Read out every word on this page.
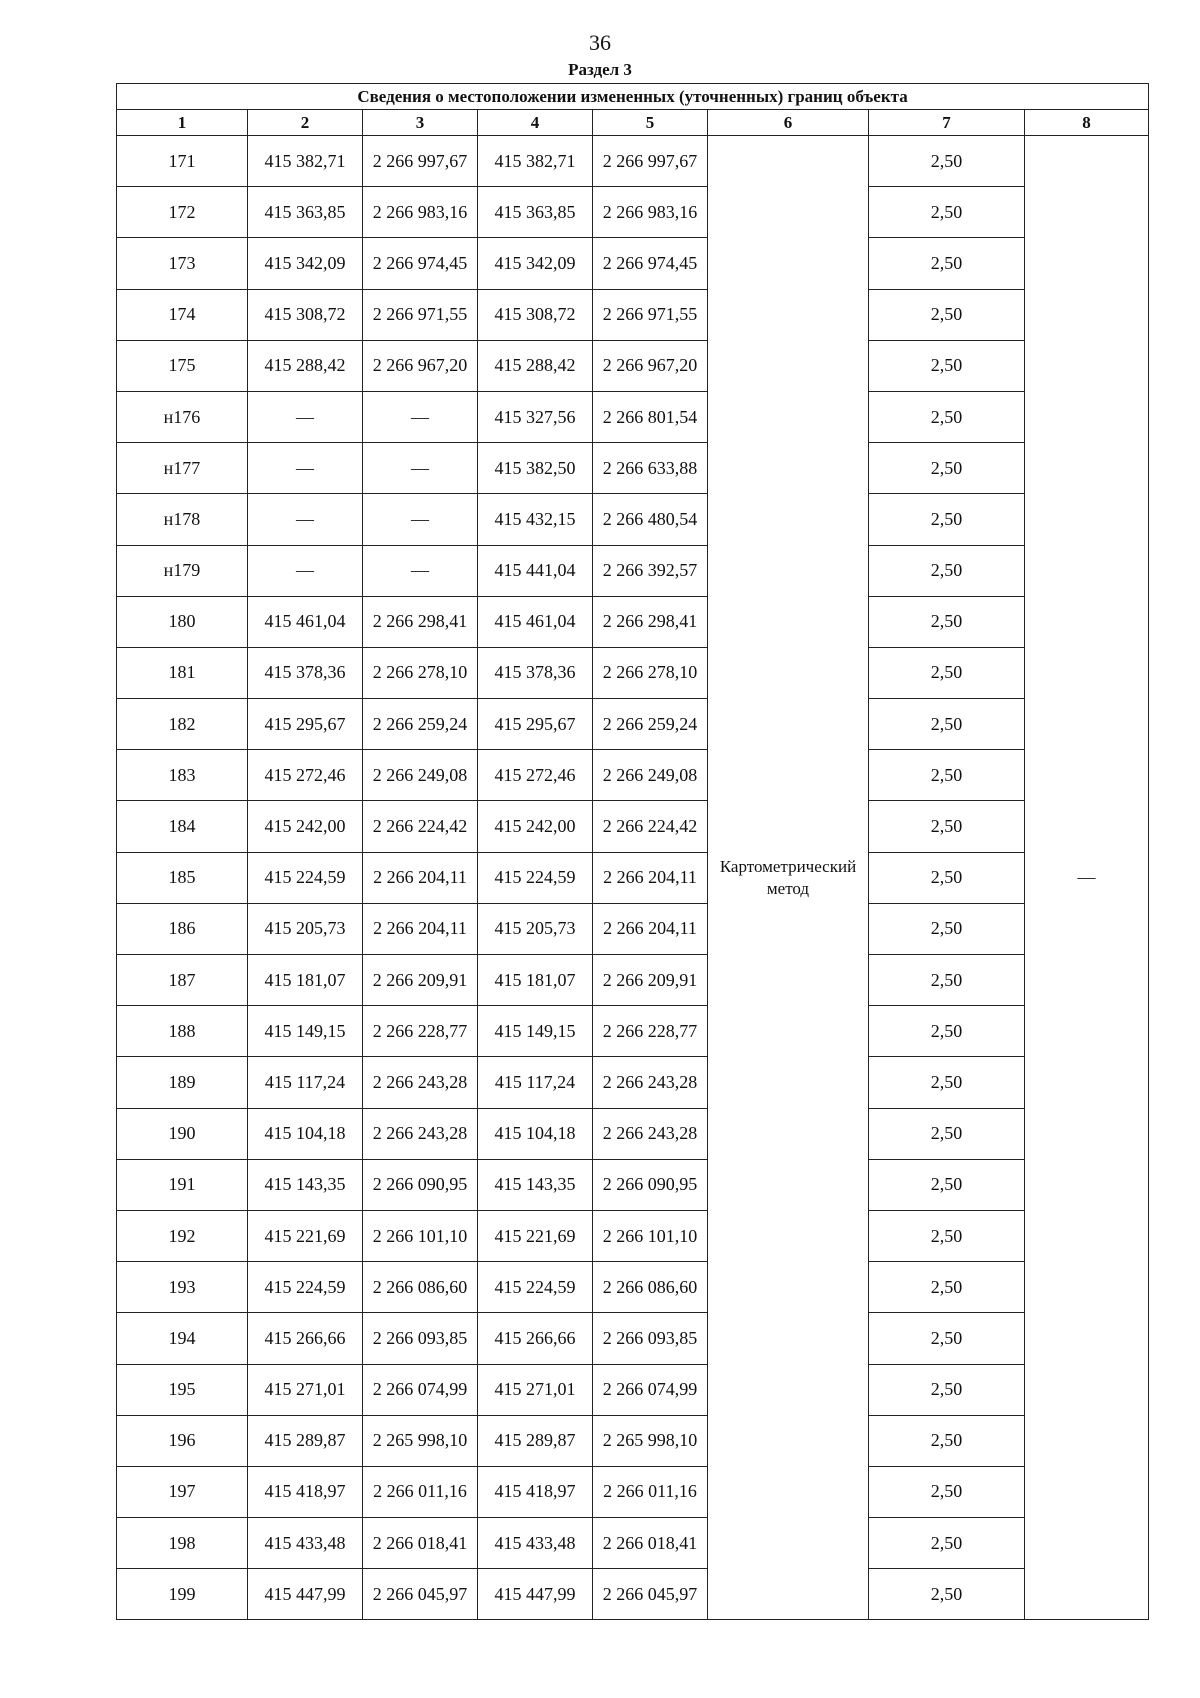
36
Раздел 3
Сведения о местоположении измененных (уточненных) границ объекта							
1	2	3	4	5	6	7	8
171	415 382,71	2 266 997,67	415 382,71	2 266 997,67	Картометрический метод	2,50	—
172	415 363,85	2 266 983,16	415 363,85	2 266 983,16		2,50	
173	415 342,09	2 266 974,45	415 342,09	2 266 974,45		2,50	
174	415 308,72	2 266 971,55	415 308,72	2 266 971,55		2,50	
175	415 288,42	2 266 967,20	415 288,42	2 266 967,20		2,50	
н176	—	—	415 327,56	2 266 801,54		2,50	
н177	—	—	415 382,50	2 266 633,88		2,50	
н178	—	—	415 432,15	2 266 480,54		2,50	
н179	—	—	415 441,04	2 266 392,57		2,50	
180	415 461,04	2 266 298,41	415 461,04	2 266 298,41		2,50	
181	415 378,36	2 266 278,10	415 378,36	2 266 278,10		2,50	
182	415 295,67	2 266 259,24	415 295,67	2 266 259,24		2,50	
183	415 272,46	2 266 249,08	415 272,46	2 266 249,08		2,50	
184	415 242,00	2 266 224,42	415 242,00	2 266 224,42		2,50	
185	415 224,59	2 266 204,11	415 224,59	2 266 204,11		2,50	
186	415 205,73	2 266 204,11	415 205,73	2 266 204,11		2,50	
187	415 181,07	2 266 209,91	415 181,07	2 266 209,91		2,50	
188	415 149,15	2 266 228,77	415 149,15	2 266 228,77		2,50	
189	415 117,24	2 266 243,28	415 117,24	2 266 243,28		2,50	
190	415 104,18	2 266 243,28	415 104,18	2 266 243,28		2,50	
191	415 143,35	2 266 090,95	415 143,35	2 266 090,95		2,50	
192	415 221,69	2 266 101,10	415 221,69	2 266 101,10		2,50	
193	415 224,59	2 266 086,60	415 224,59	2 266 086,60		2,50	
194	415 266,66	2 266 093,85	415 266,66	2 266 093,85		2,50	
195	415 271,01	2 266 074,99	415 271,01	2 266 074,99		2,50	
196	415 289,87	2 265 998,10	415 289,87	2 265 998,10		2,50	
197	415 418,97	2 266 011,16	415 418,97	2 266 011,16		2,50	
198	415 433,48	2 266 018,41	415 433,48	2 266 018,41		2,50	
199	415 447,99	2 266 045,97	415 447,99	2 266 045,97		2,50	
